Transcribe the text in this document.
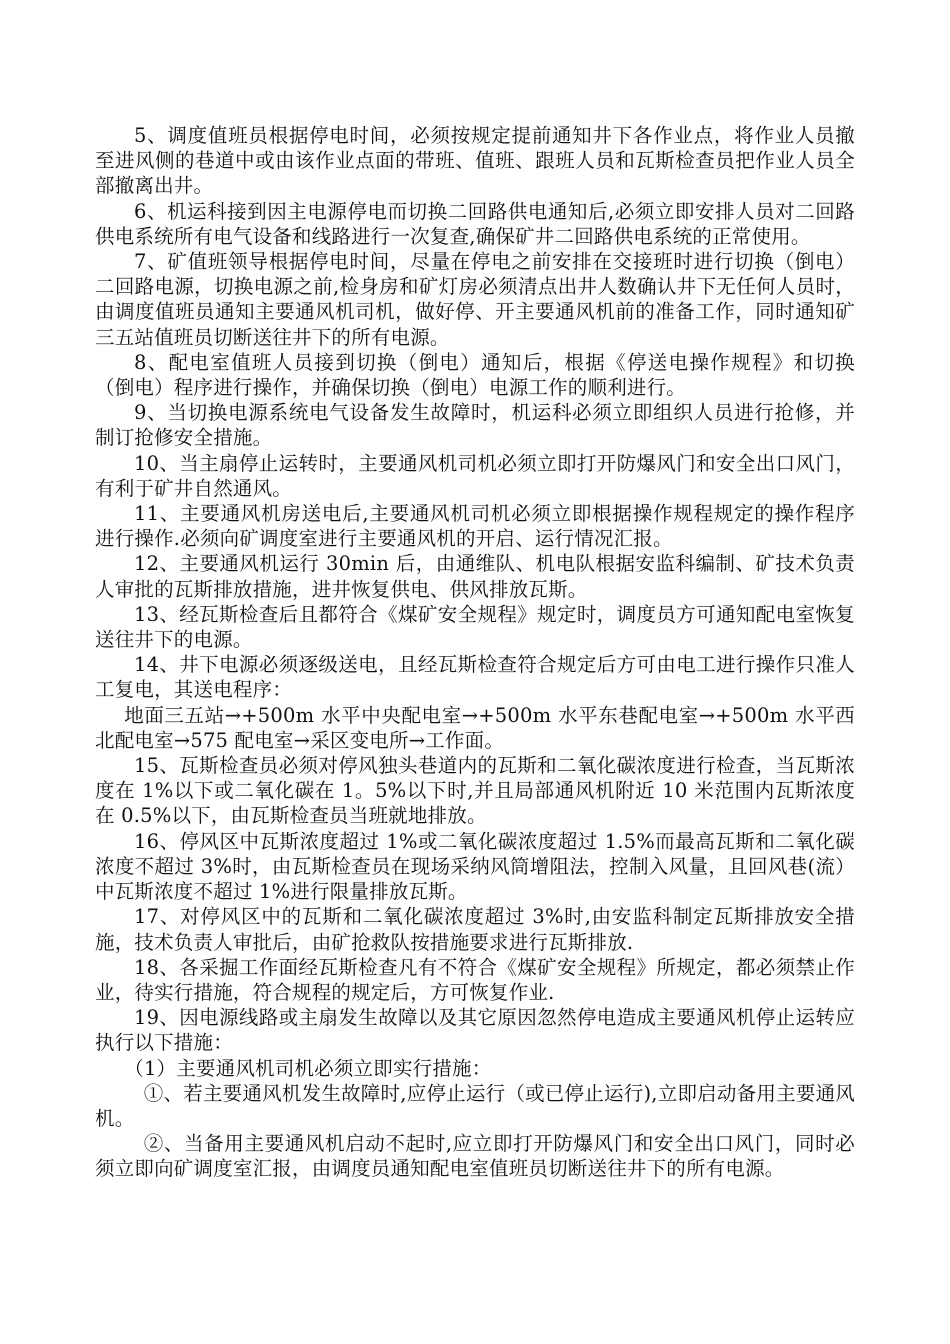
5、调度值班员根据停电时间，必须按规定提前通知井下各作业点，将作业人员撤至进风侧的巷道中或由该作业点面的带班、值班、跟班人员和瓦斯检查员把作业人员全部撤离出井。

6、机运科接到因主电源停电而切换二回路供电通知后,必须立即安排人员对二回路供电系统所有电气设备和线路进行一次复查,确保矿井二回路供电系统的正常使用。

7、矿值班领导根据停电时间，尽量在停电之前安排在交接班时进行切换（倒电）二回路电源，切换电源之前,检身房和矿灯房必须清点出井人数确认井下无任何人员时，由调度值班员通知主要通风机司机，做好停、开主要通风机前的准备工作，同时通知矿三五站值班员切断送往井下的所有电源。

8、配电室值班人员接到切换（倒电）通知后，根据《停送电操作规程》和切换（倒电）程序进行操作，并确保切换（倒电）电源工作的顺利进行。

9、当切换电源系统电气设备发生故障时，机运科必须立即组织人员进行抢修，并制订抢修安全措施。

10、当主扇停止运转时，主要通风机司机必须立即打开防爆风门和安全出口风门，有利于矿井自然通风。

11、主要通风机房送电后,主要通风机司机必须立即根据操作规程规定的操作程序进行操作.必须向矿调度室进行主要通风机的开启、运行情况汇报。

12、主要通风机运行 30min 后，由通维队、机电队根据安监科编制、矿技术负责人审批的瓦斯排放措施，进井恢复供电、供风排放瓦斯。

13、经瓦斯检查后且都符合《煤矿安全规程》规定时，调度员方可通知配电室恢复送往井下的电源。

14、井下电源必须逐级送电，且经瓦斯检查符合规定后方可由电工进行操作只准人工复电，其送电程序：

地面三五站→+500m 水平中央配电室→+500m 水平东巷配电室→+500m 水平西北配电室→575 配电室→采区变电所→工作面。

15、瓦斯检查员必须对停风独头巷道内的瓦斯和二氧化碳浓度进行检查，当瓦斯浓度在 1%以下或二氧化碳在 1。5%以下时,并且局部通风机附近 10 米范围内瓦斯浓度在 0.5%以下，由瓦斯检查员当班就地排放。

16、停风区中瓦斯浓度超过 1%或二氧化碳浓度超过 1.5%而最高瓦斯和二氧化碳浓度不超过 3%时，由瓦斯检查员在现场采纳风筒增阻法，控制入风量，且回风巷(流）中瓦斯浓度不超过 1%进行限量排放瓦斯。

17、对停风区中的瓦斯和二氧化碳浓度超过 3%时,由安监科制定瓦斯排放安全措施，技术负责人审批后，由矿抢救队按措施要求进行瓦斯排放.

18、各采掘工作面经瓦斯检查凡有不符合《煤矿安全规程》所规定，都必须禁止作业，待实行措施，符合规程的规定后，方可恢复作业.

19、因电源线路或主扇发生故障以及其它原因忽然停电造成主要通风机停止运转应执行以下措施：

（1）主要通风机司机必须立即实行措施：

①、若主要通风机发生故障时,应停止运行（或已停止运行),立即启动备用主要通风机。

②、当备用主要通风机启动不起时,应立即打开防爆风门和安全出口风门，同时必须立即向矿调度室汇报，由调度员通知配电室值班员切断送往井下的所有电源。
